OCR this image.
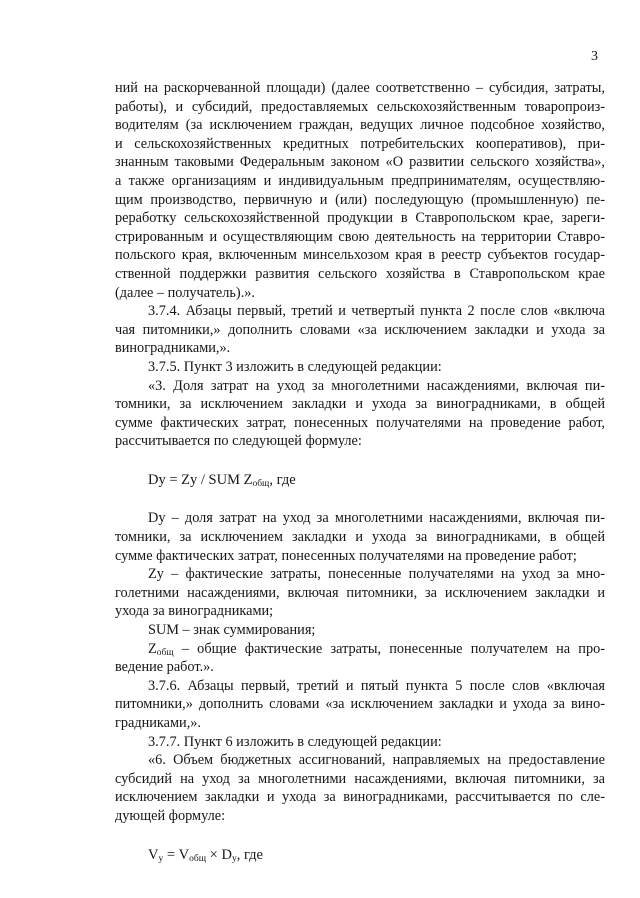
3
ний на раскорчеванной площади) (далее соответственно – субсидия, затраты,
работы), и субсидий, предоставляемых сельскохозяйственным товаропроиз-
водителям (за исключением граждан, ведущих личное подсобное хозяйство,
и сельскохозяйственных кредитных потребительских кооперативов), при-
знанным таковыми Федеральным законом «О развитии сельского хозяйства»,
а также организациям и индивидуальным предпринимателям, осуществляю-
щим производство, первичную и (или) последующую (промышленную) пе-
реработку сельскохозяйственной продукции в Ставропольском крае, зареги-
стрированным и осуществляющим свою деятельность на территории Ставро-
польского края, включенным минсельхозом края в реестр субъектов государ-
ственной поддержки развития сельского хозяйства в Ставропольском крае
(далее – получатель).».
3.7.4. Абзацы первый, третий и четвертый пункта 2 после слов «включа
чая питомники,» дополнить словами «за исключением закладки и ухода за
виноградниками,».
3.7.5. Пункт 3 изложить в следующей редакции:
«3. Доля затрат на уход за многолетними насаждениями, включая пи-
томники, за исключением закладки и ухода за виноградниками, в общей
сумме фактических затрат, понесенных получателями на проведение работ,
рассчитывается по следующей формуле:
Dy = Zy / SUM $Z_{общ}$, где
Dy – доля затрат на уход за многолетними насаждениями, включая пи-
томники, за исключением закладки и ухода за виноградниками, в общей
сумме фактических затрат, понесенных получателями на проведение работ;
Zy – фактические затраты, понесенные получателями на уход за мно-
голетними насаждениями, включая питомники, за исключением закладки и
ухода за виноградниками;
SUM – знак суммирования;
$Z_{общ}$ – общие фактические затраты, понесенные получателем на про-
ведение работ.».
3.7.6. Абзацы первый, третий и пятый пункта 5 после слов «включая
питомники,» дополнить словами «за исключением закладки и ухода за вино-
градниками,».
3.7.7. Пункт 6 изложить в следующей редакции:
«6. Объем бюджетных ассигнований, направляемых на предоставление
субсидий на уход за многолетними насаждениями, включая питомники, за
исключением закладки и ухода за виноградниками, рассчитывается по сле-
дующей формуле:
$V_у = V_{общ} \times D_у$, где
